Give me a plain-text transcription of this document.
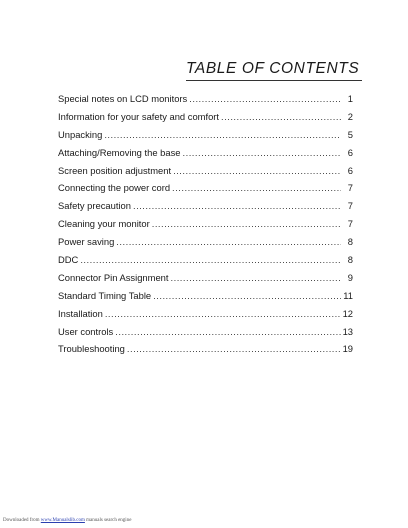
TABLE OF CONTENTS
Special notes on LCD monitors .....	1
Information for your safety and comfort .....	2
Unpacking .....	5
Attaching/Removing the base .....	6
Screen position adjustment .....	6
Connecting the power cord .....	7
Safety precaution .....	7
Cleaning your monitor .....	7
Power saving .....	8
DDC .....	8
Connector Pin Assignment .....	9
Standard Timing Table .....	11
Installation .....	12
User controls .....	13
Troubleshooting .....	19
Downloaded from www.Manualslib.com manuals search engine
